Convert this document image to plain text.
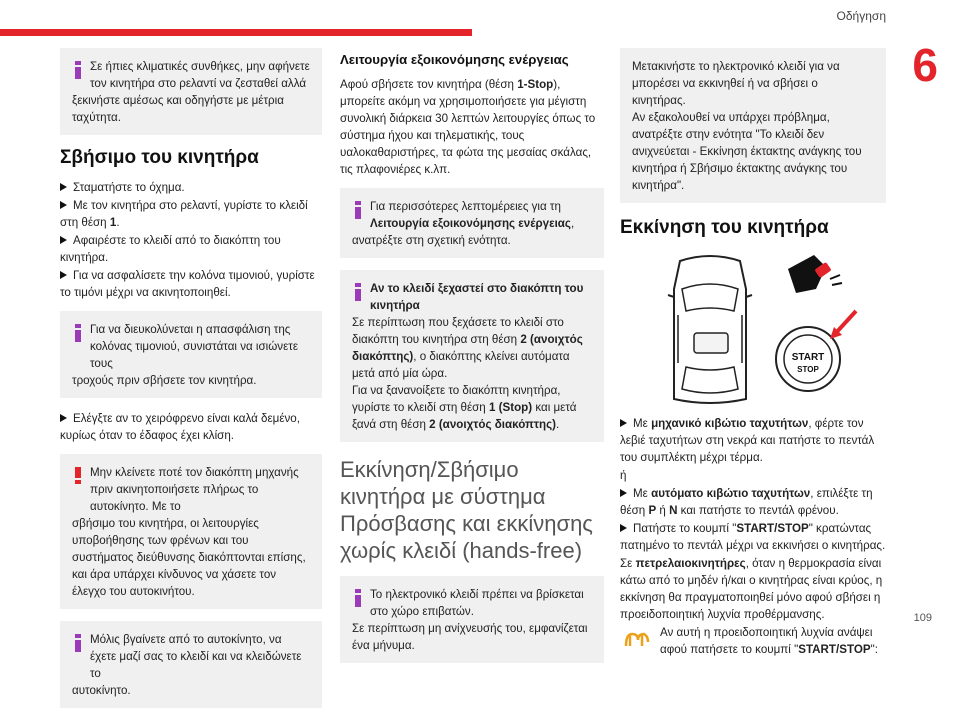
Οδήγηση
6
109
Σε ήπιες κλιματικές συνθήκες, μην αφήνετε τον κινητήρα στο ρελαντί να ζεσταθεί αλλά
ξεκινήστε αμέσως και οδηγήστε με μέτρια ταχύτητα.
Σβήσιμο του κινητήρα
Σταματήστε το όχημα.
Με τον κινητήρα στο ρελαντί, γυρίστε το κλειδί στη θέση 1.
Αφαιρέστε το κλειδί από το διακόπτη του κινητήρα.
Για να ασφαλίσετε την κολόνα τιμονιού, γυρίστε το τιμόνι μέχρι να ακινητοποιηθεί.
Για να διευκολύνεται η απασφάλιση της κολόνας τιμονιού, συνιστάται να ισιώνετε τους
τροχούς πριν σβήσετε τον κινητήρα.
Ελέγξτε αν το χειρόφρενο είναι καλά δεμένο, κυρίως όταν το έδαφος έχει κλίση.
Μην κλείνετε ποτέ τον διακόπτη μηχανής πριν ακινητοποιήσετε πλήρως το αυτοκίνητο. Με το
σβήσιμο του κινητήρα, οι λειτουργίες υποβοήθησης των φρένων και του συστήματος διεύθυνσης διακόπτονται επίσης, και άρα υπάρχει κίνδυνος να χάσετε τον έλεγχο του αυτοκινήτου.
Μόλις βγαίνετε από το αυτοκίνητο, να έχετε μαζί σας το κλειδί και να κλειδώνετε το
αυτοκίνητο.
Λειτουργία εξοικονόμησης ενέργειας
Αφού σβήσετε τον κινητήρα (θέση 1-Stop), μπορείτε ακόμη να χρησιμοποιήσετε για μέγιστη συνολική διάρκεια 30 λεπτών λειτουργίες όπως το σύστημα ήχου και τηλεματικής, τους υαλοκαθαριστήρες, τα φώτα της μεσαίας σκάλας, τις πλαφονιέρες κ.λπ.
Για περισσότερες λεπτομέρειες για τη Λειτουργία εξοικονόμησης ενέργειας,
ανατρέξτε στη σχετική ενότητα.
Αν το κλειδί ξεχαστεί στο διακόπτη του κινητήρα
Σε περίπτωση που ξεχάσετε το κλειδί στο διακόπτη του κινητήρα στη θέση 2 (ανοιχτός διακόπτης), ο διακόπτης κλείνει αυτόματα μετά από μία ώρα.
Για να ξανανοίξετε το διακόπτη κινητήρα, γυρίστε το κλειδί στη θέση 1 (Stop) και μετά ξανά στη θέση 2 (ανοιχτός διακόπτης).
Εκκίνηση/Σβήσιμο κινητήρα με σύστημα Πρόσβασης και εκκίνησης χωρίς κλειδί (hands-free)
Το ηλεκτρονικό κλειδί πρέπει να βρίσκεται στο χώρο επιβατών.
Σε περίπτωση μη ανίχνευσής του, εμφανίζεται ένα μήνυμα.
Μετακινήστε το ηλεκτρονικό κλειδί για να μπορέσει να εκκινηθεί ή να σβήσει ο κινητήρας.
Αν εξακολουθεί να υπάρχει πρόβλημα, ανατρέξτε στην ενότητα "Το κλειδί δεν ανιχνεύεται - Εκκίνηση έκτακτης ανάγκης του κινητήρα ή Σβήσιμο έκτακτης ανάγκης του κινητήρα".
Εκκίνηση του κινητήρα
START
STOP
Με μηχανικό κιβώτιο ταχυτήτων, φέρτε τον λεβιέ ταχυτήτων στη νεκρά και πατήστε το πεντάλ του συμπλέκτη μέχρι τέρμα.
ή
Με αυτόματο κιβώτιο ταχυτήτων, επιλέξτε τη θέση P ή N και πατήστε το πεντάλ φρένου.
Πατήστε το κουμπί "START/STOP" κρατώντας πατημένο το πεντάλ μέχρι να εκκινήσει ο κινητήρας.
Σε πετρελαιοκινητήρες, όταν η θερμοκρασία είναι κάτω από το μηδέν ή/και ο κινητήρας είναι κρύος, η εκκίνηση θα πραγματοποιηθεί μόνο αφού σβήσει η προειδοποιητική λυχνία προθέρμανσης.
Αν αυτή η προειδοποιητική λυχνία ανάψει αφού πατήσετε το κουμπί "START/STOP":
